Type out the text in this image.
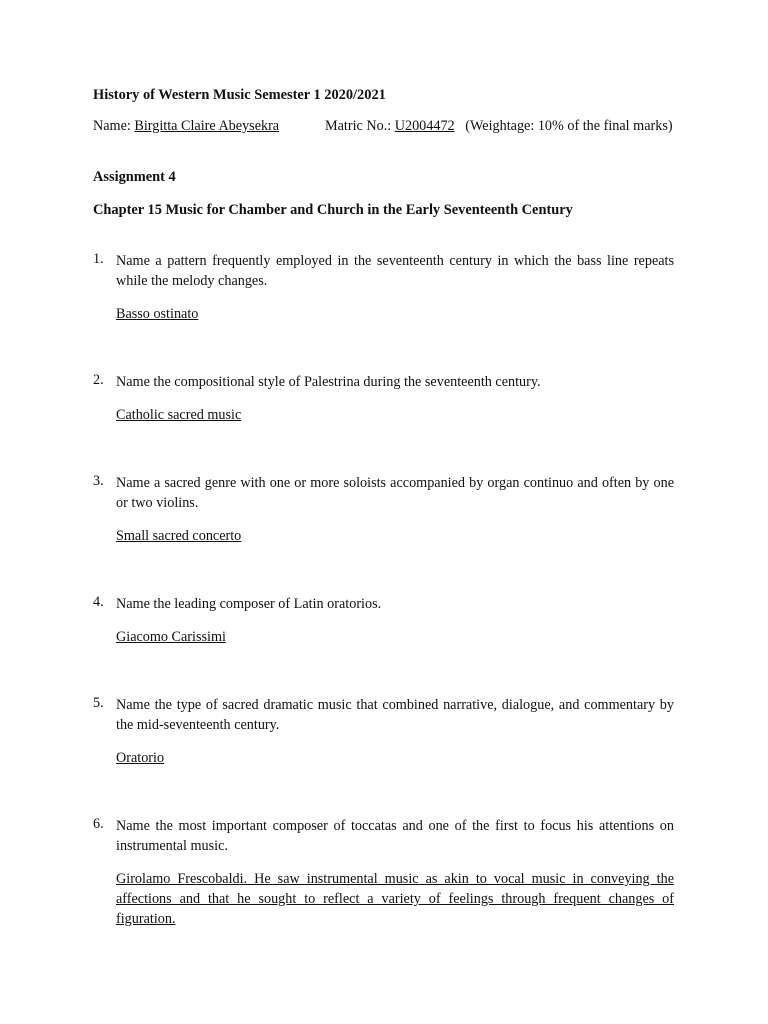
History of Western Music Semester 1 2020/2021
Name: Birgitta Claire Abeysekra	Matric No.: U2004472 (Weightage: 10% of the final marks)
Assignment 4
Chapter 15 Music for Chamber and Church in the Early Seventeenth Century
1. Name a pattern frequently employed in the seventeenth century in which the bass line repeats while the melody changes.
Basso ostinato
2. Name the compositional style of Palestrina during the seventeenth century.
Catholic sacred music
3. Name a sacred genre with one or more soloists accompanied by organ continuo and often by one or two violins.
Small sacred concerto
4. Name the leading composer of Latin oratorios.
Giacomo Carissimi
5. Name the type of sacred dramatic music that combined narrative, dialogue, and commentary by the mid-seventeenth century.
Oratorio
6. Name the most important composer of toccatas and one of the first to focus his attentions on instrumental music.
Girolamo Frescobaldi. He saw instrumental music as akin to vocal music in conveying the affections and that he sought to reflect a variety of feelings through frequent changes of figuration.
